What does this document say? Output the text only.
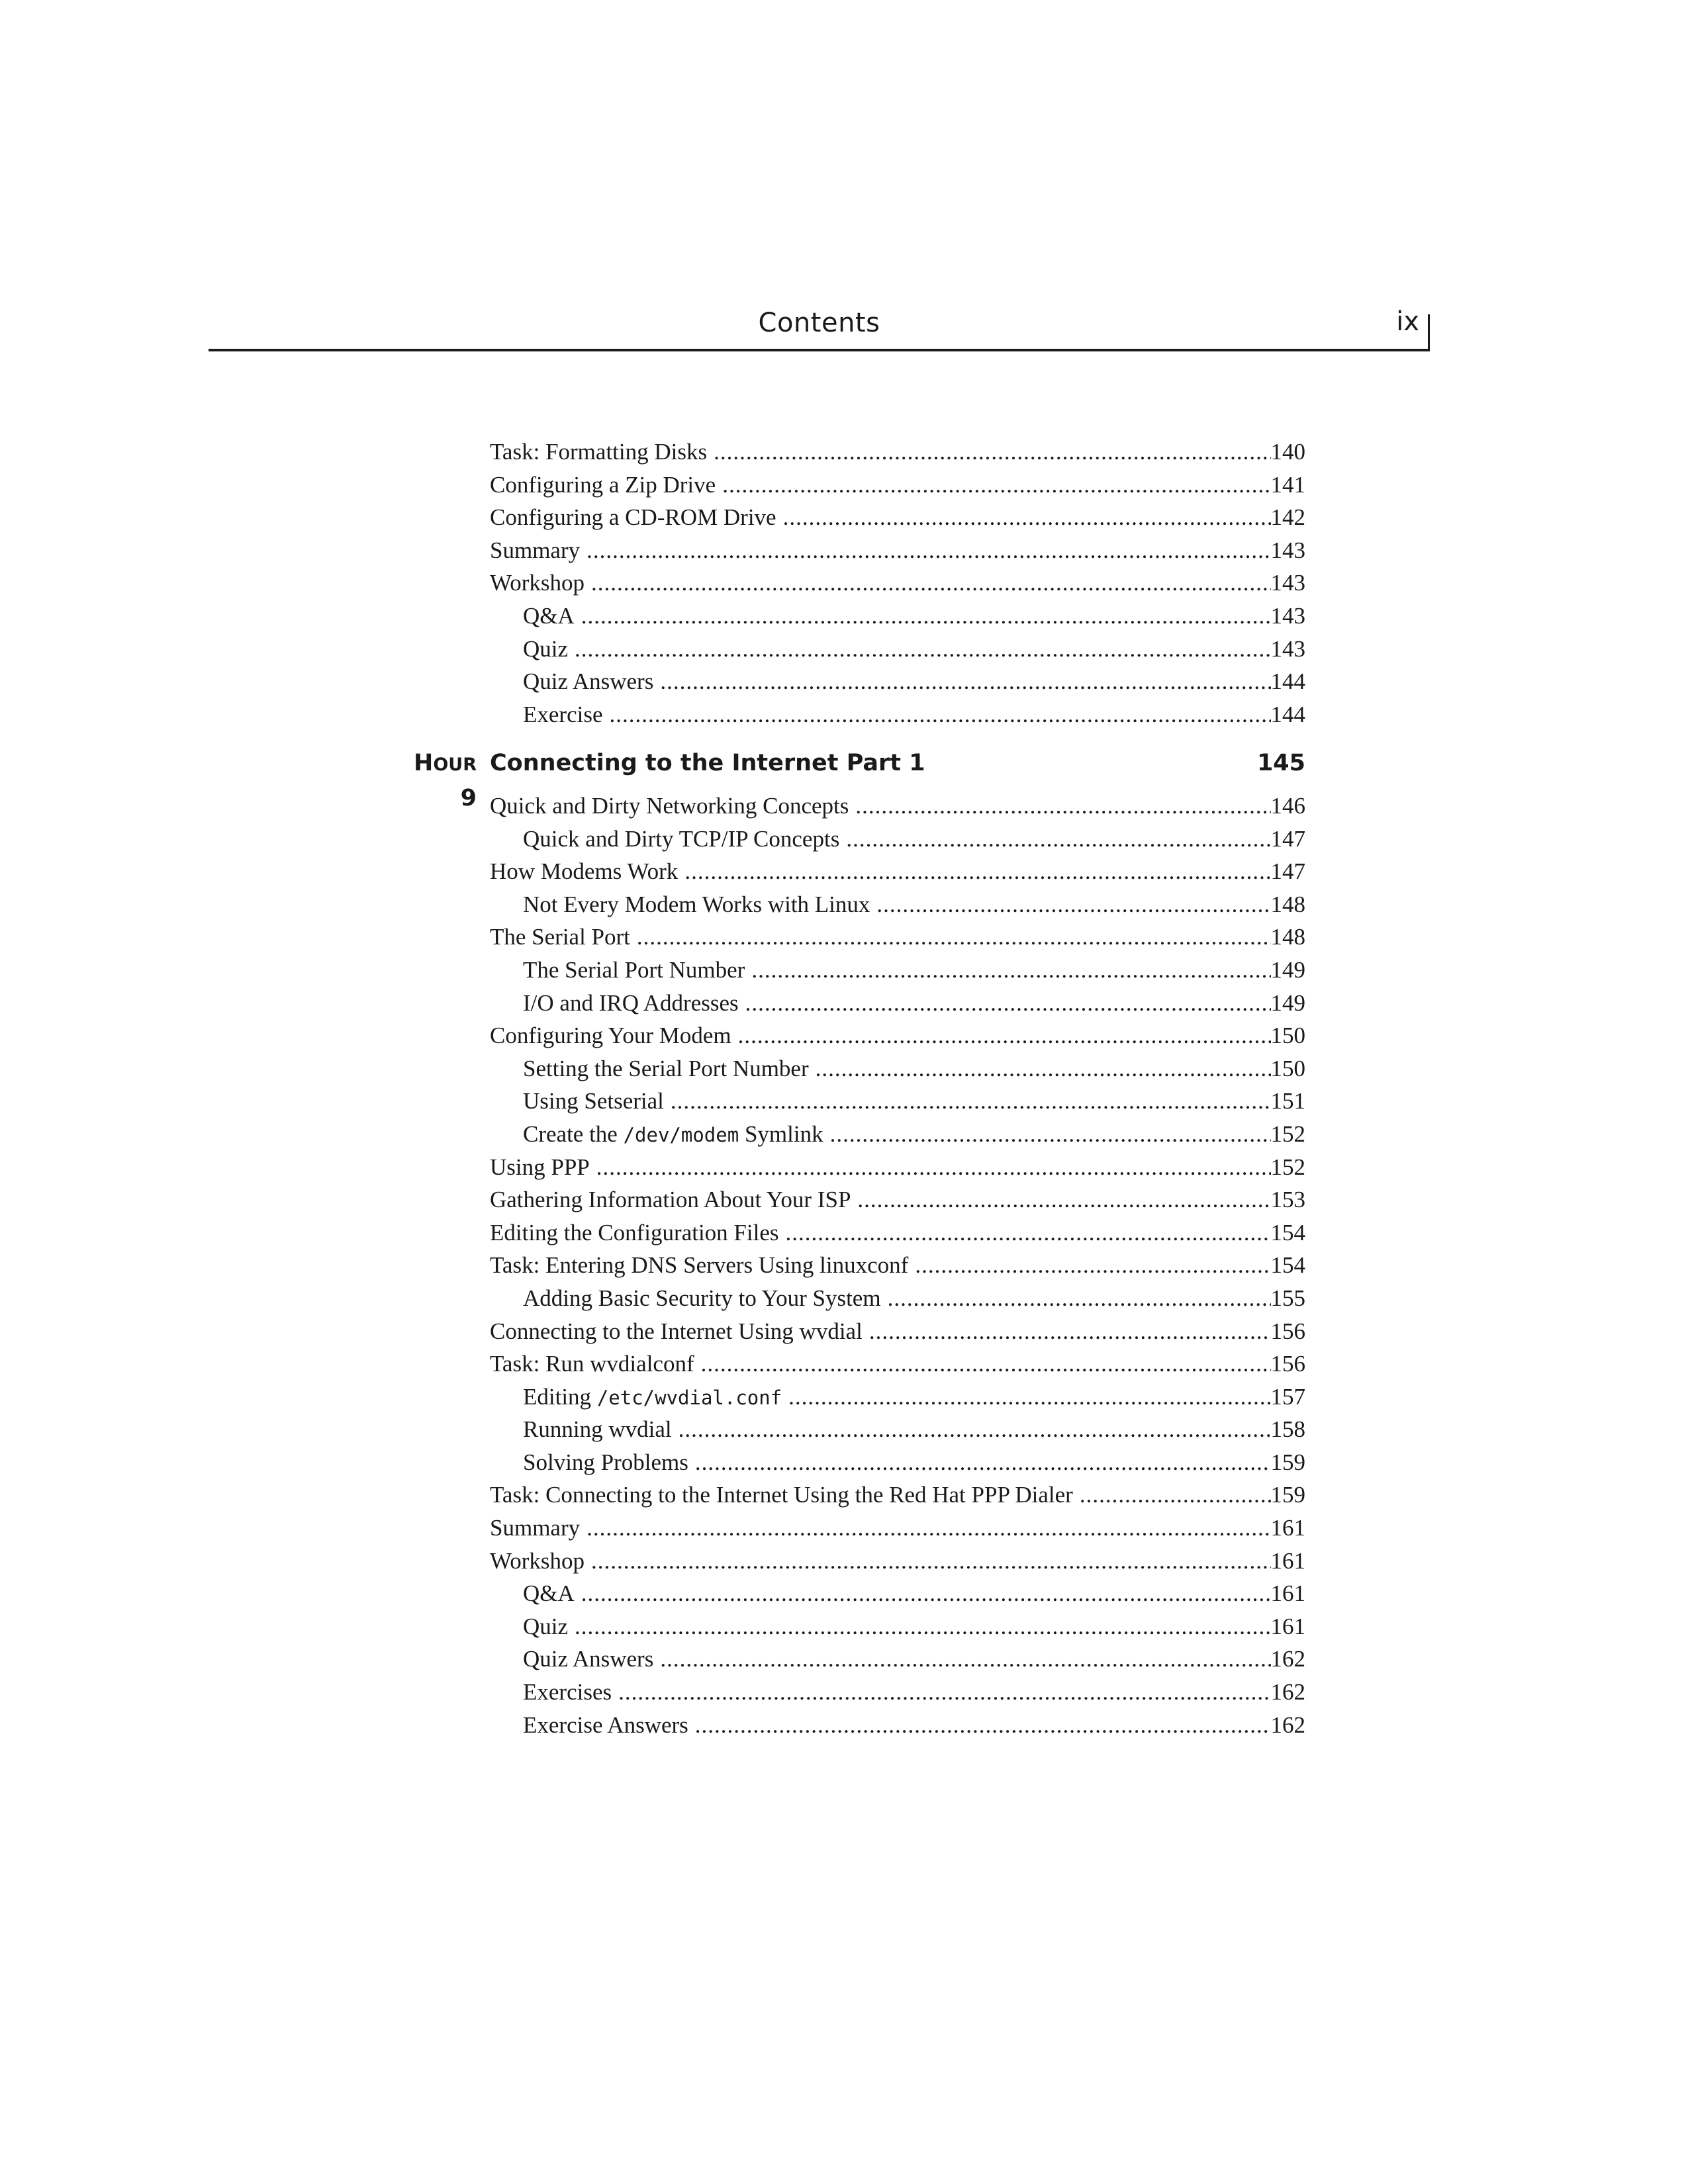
Contents	ix
Task: Formatting Disks .....	140
Configuring a Zip Drive .....	141
Configuring a CD-ROM Drive .....	142
Summary .....	143
Workshop .....	143
Q&A .....	143
Quiz .....	143
Quiz Answers .....	144
Exercise .....	144
HOUR 9
Connecting to the Internet Part 1	145
Quick and Dirty Networking Concepts .....	146
Quick and Dirty TCP/IP Concepts .....	147
How Modems Work .....	147
Not Every Modem Works with Linux .....	148
The Serial Port .....	148
The Serial Port Number .....	149
I/O and IRQ Addresses .....	149
Configuring Your Modem .....	150
Setting the Serial Port Number .....	150
Using Setserial .....	151
Create the /dev/modem Symlink .....	152
Using PPP .....	152
Gathering Information About Your ISP .....	153
Editing the Configuration Files .....	154
Task: Entering DNS Servers Using linuxconf .....	154
Adding Basic Security to Your System .....	155
Connecting to the Internet Using wvdial .....	156
Task: Run wvdialconf .....	156
Editing /etc/wvdial.conf .....	157
Running wvdial .....	158
Solving Problems .....	159
Task: Connecting to the Internet Using the Red Hat PPP Dialer .....	159
Summary .....	161
Workshop .....	161
Q&A .....	161
Quiz .....	161
Quiz Answers .....	162
Exercises .....	162
Exercise Answers .....	162
